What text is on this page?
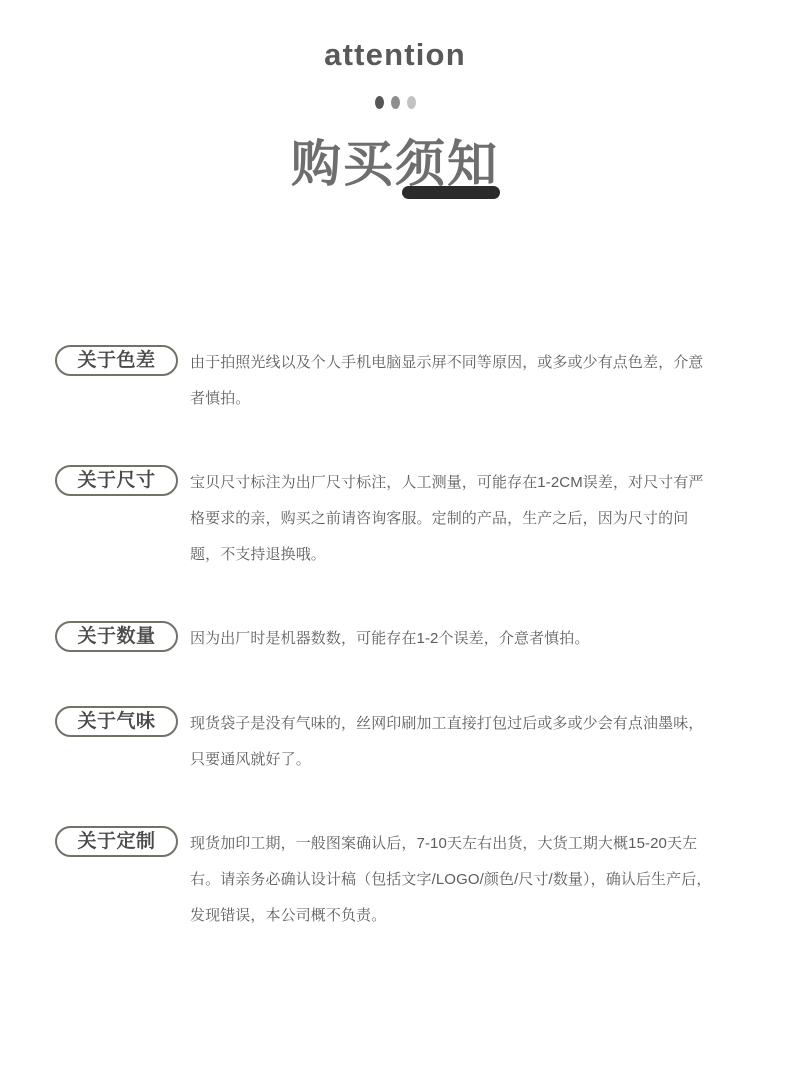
attention
购买须知
关于色差 由于拍照光线以及个人手机电脑显示屏不同等原因，或多或少有点色差，介意者慎拍。

关于尺寸 宝贝尺寸标注为出厂尺寸标注，人工测量，可能存在1-2CM误差，对尺寸有严格要求的亲，购买之前请咨询客服。定制的产品，生产之后，因为尺寸的问题，不支持退换哦。

关于数量 因为出厂时是机器数数，可能存在1-2个误差，介意者慎拍。

关于气味 现货袋子是没有气味的，丝网印刷加工直接打包过后或多或少会有点油墨味，只要通风就好了。

关于定制 现货加印工期，一般图案确认后，7-10天左右出货，大货工期大概15-20天左右。请亲务必确认设计稿（包括文字/LOGO/颜色/尺寸/数量），确认后生产后，发现错误，本公司概不负责。
